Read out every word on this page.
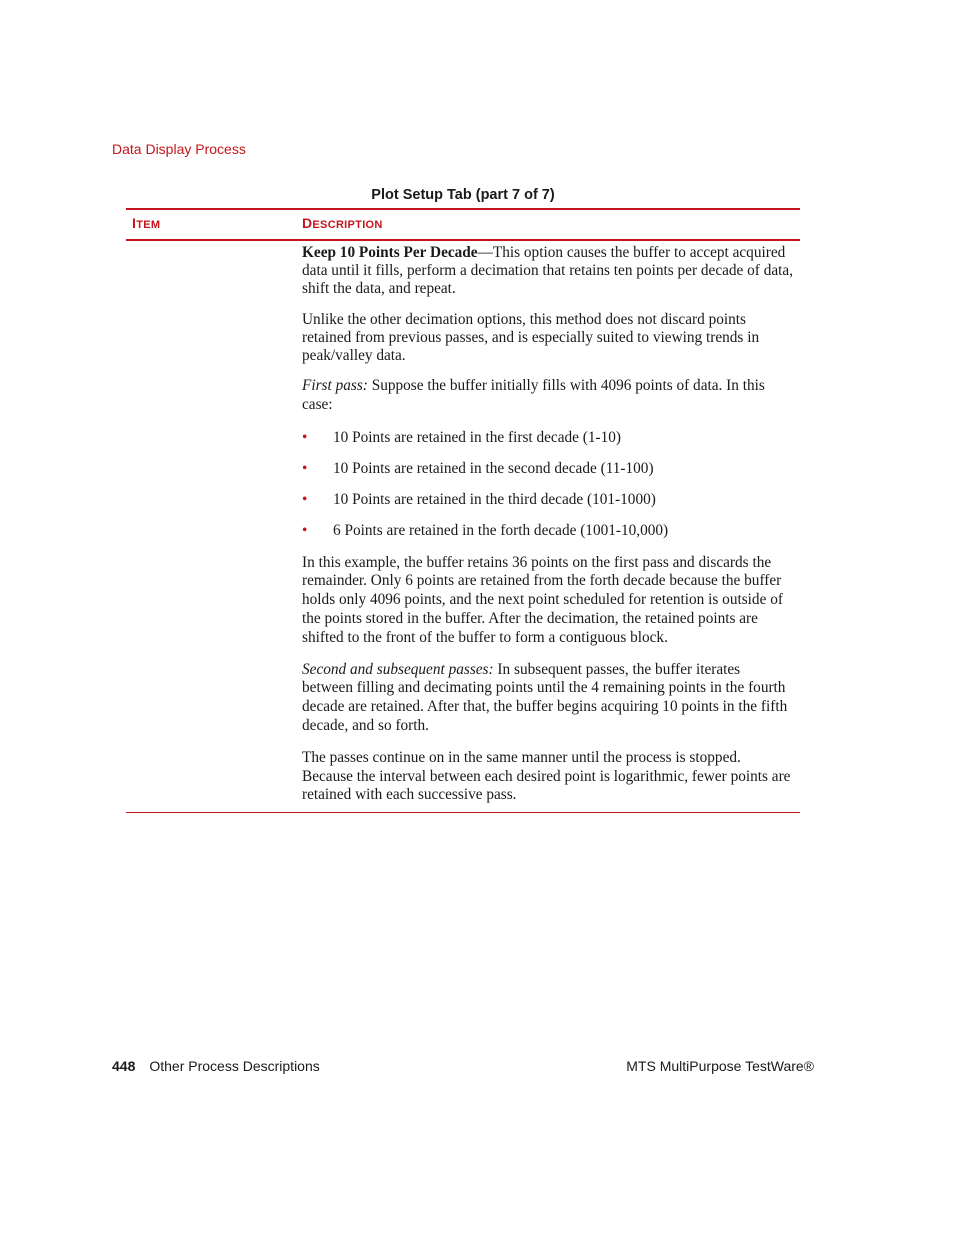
Data Display Process
Plot Setup Tab (part 7 of 7)
ITEM	DESCRIPTION

Keep 10 Points Per Decade—This option causes the buffer to accept acquired data until it fills, perform a decimation that retains ten points per decade of data, shift the data, and repeat.

Unlike the other decimation options, this method does not discard points retained from previous passes, and is especially suited to viewing trends in peak/valley data.

First pass: Suppose the buffer initially fills with 4096 points of data. In this case:

• 10 Points are retained in the first decade (1-10)
• 10 Points are retained in the second decade (11-100)
• 10 Points are retained in the third decade (101-1000)
• 6 Points are retained in the forth decade (1001-10,000)

In this example, the buffer retains 36 points on the first pass and discards the remainder. Only 6 points are retained from the forth decade because the buffer holds only 4096 points, and the next point scheduled for retention is outside of the points stored in the buffer. After the decimation, the retained points are shifted to the front of the buffer to form a contiguous block.

Second and subsequent passes: In subsequent passes, the buffer iterates between filling and decimating points until the 4 remaining points in the fourth decade are retained. After that, the buffer begins acquiring 10 points in the fifth decade, and so forth.

The passes continue on in the same manner until the process is stopped. Because the interval between each desired point is logarithmic, fewer points are retained with each successive pass.

448 Other Process Descriptions	MTS MultiPurpose TestWare®
